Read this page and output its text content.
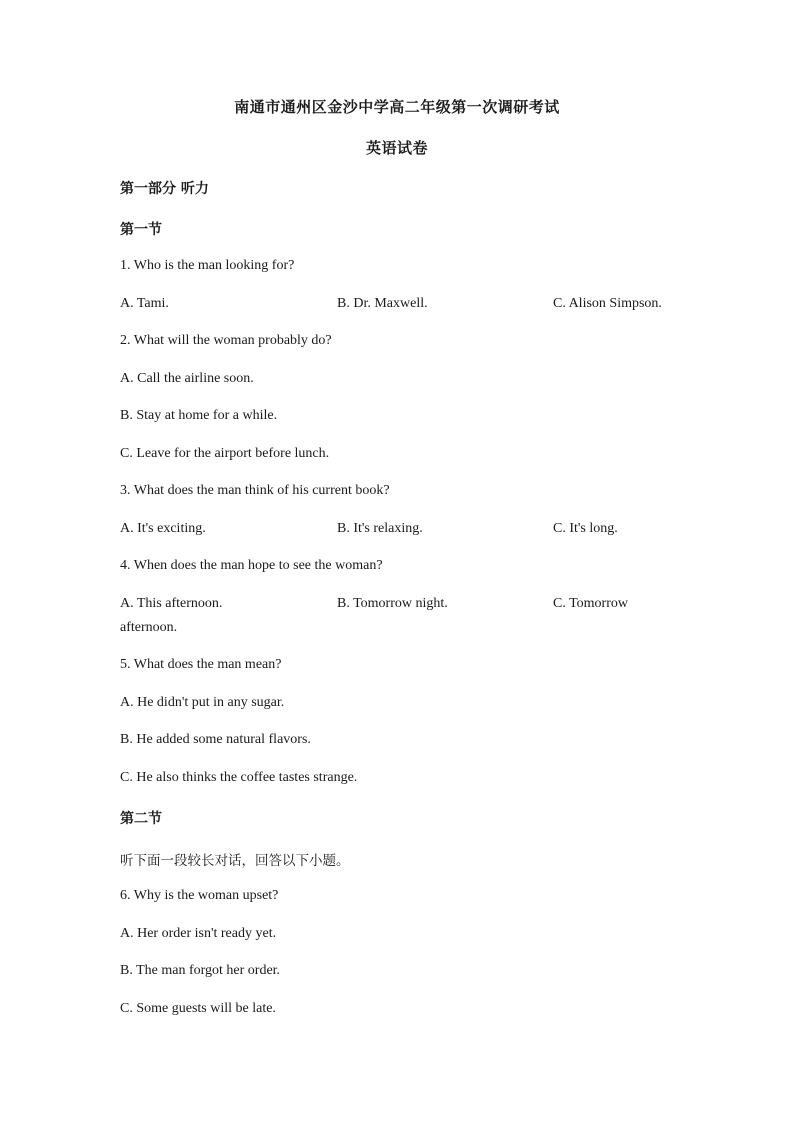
南通市通州区金沙中学高二年级第一次调研考试
英语试卷
第一部分 听力
第一节
1. Who is the man looking for?
A. Tami.	B. Dr. Maxwell.	C. Alison Simpson.
2. What will the woman probably do?
A. Call the airline soon.
B. Stay at home for a while.
C. Leave for the airport before lunch.
3. What does the man think of his current book?
A. It's exciting.	B. It's relaxing.	C. It's long.
4. When does the man hope to see the woman?
A. This afternoon.	B. Tomorrow night.	C. Tomorrow
afternoon.
5. What does the man mean?
A. He didn't put in any sugar.
B. He added some natural flavors.
C. He also thinks the coffee tastes strange.
第二节
听下面一段较长对话，回答以下小题。
6. Why is the woman upset?
A. Her order isn't ready yet.
B. The man forgot her order.
C. Some guests will be late.
